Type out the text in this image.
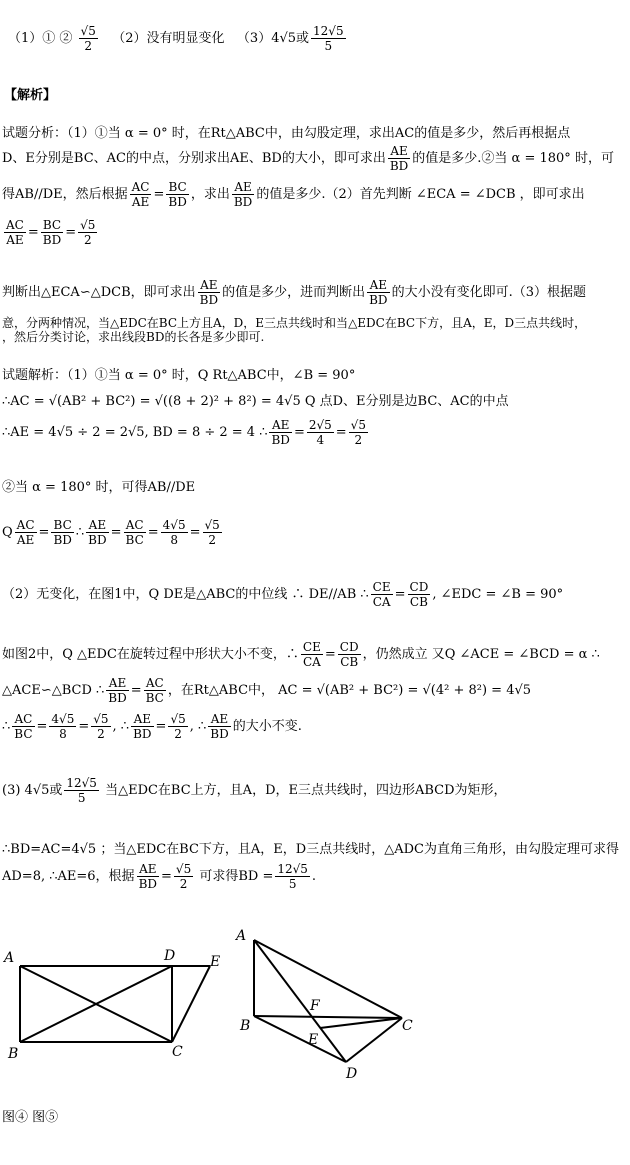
（1）① ② $\frac{√5}{2} (2)$没有明显变化 （3）4√5或 $\frac{12√5}{5}$
【解析】
试题分析：（1）①当 α = 0° 时，在Rt△ABC中，由勾股定理，求出AC的值是多少，然后再根据点
D、E分别是BC、AC的中点，分别求出AE、BD的大小，即可求出 $\frac{AE}{BD}$ 的值是多少.②当 α = 180° 时，可
得AB//DE，然后根据 $\frac{AC}{AE} = \frac{BC}{BD}$ ，求出 $\frac{AE}{BD}$ 的值是多少.（2）首先判断 ∠ECA = ∠DCB ，即可求出
$\frac{AC}{AE} = \frac{BC}{BD} = \frac{√5}{2}$
判断出△ECA∽△DCB，即可求出 $\frac{AE}{BD}$ 的值是多少，进而判断出 $\frac{AE}{BD}$ 的大小没有变化即可.（3）根据题
意，分两种情况，当△EDC在BC上方且A，D，E三点共线时和当△EDC在BC下方，且A，E，D三点共线时，
，然后分类讨论，求出线段BD的长各是多少即可.
试题解析：（1）①当 α = 0° 时，Q Rt△ABC中，∠B = 90°
∴AC = √(AB² + BC²) = √((8 + 2)² + 8²) = 4√5 Q 点D、E分别是边BC、AC的中点
∴AE = 4√5 ÷ 2 = 2√5, BD = 8 ÷ 2 = 4 ∴ $\frac{AE}{BD} = \frac{2√5}{4} = \frac{√5}{2}$
②当 α = 180° 时，可得AB//DE
Q $\frac{AC}{AE} = \frac{BC}{BD}$ ∴ $\frac{AE}{BD} = \frac{AC}{BC} = \frac{4√5}{8} = \frac{√5}{2}$
（2）无变化，在图1中，Q DE是△ABC的中位线 ∴ DE//AB ∴ $\frac{CE}{CA} = \frac{CD}{CB}$ , ∠EDC = ∠B = 90°
如图2中，Q △EDC在旋转过程中形状大小不变，∴ $\frac{CE}{CA} = \frac{CD}{CB}$ ，仍然成立 又Q ∠ACE = ∠BCD = α ∴
△ACE∽△BCD ∴ $\frac{AE}{BD} = \frac{AC}{BC}$ ，在Rt△ABC中， AC = √(AB² + BC²) = √(4² + 8²) = 4√5
∴ $\frac{AC}{BC} = \frac{4√5}{8} = \frac{√5}{2}$ , ∴ $\frac{AE}{BD} = \frac{√5}{2}$ , ∴ $\frac{AE}{BD}$ 的大小不变.
(3) 4√5或 $\frac{12√5}{5}$ 当△EDC在BC上方，且A，D，E三点共线时，四边形ABCD为矩形，
∴BD=AC=4√5 ；当△EDC在BC下方，且A，E，D三点共线时，△ADC为直角三角形，由勾股定理可求得
AD=8, ∴AE=6，根据 $\frac{AE}{BD} = \frac{√5}{2}$ 可求得BD = $\frac{12√5}{5}$ .
A	D E
B	C
A
F
B
E
C
D
图④ 图⑤
